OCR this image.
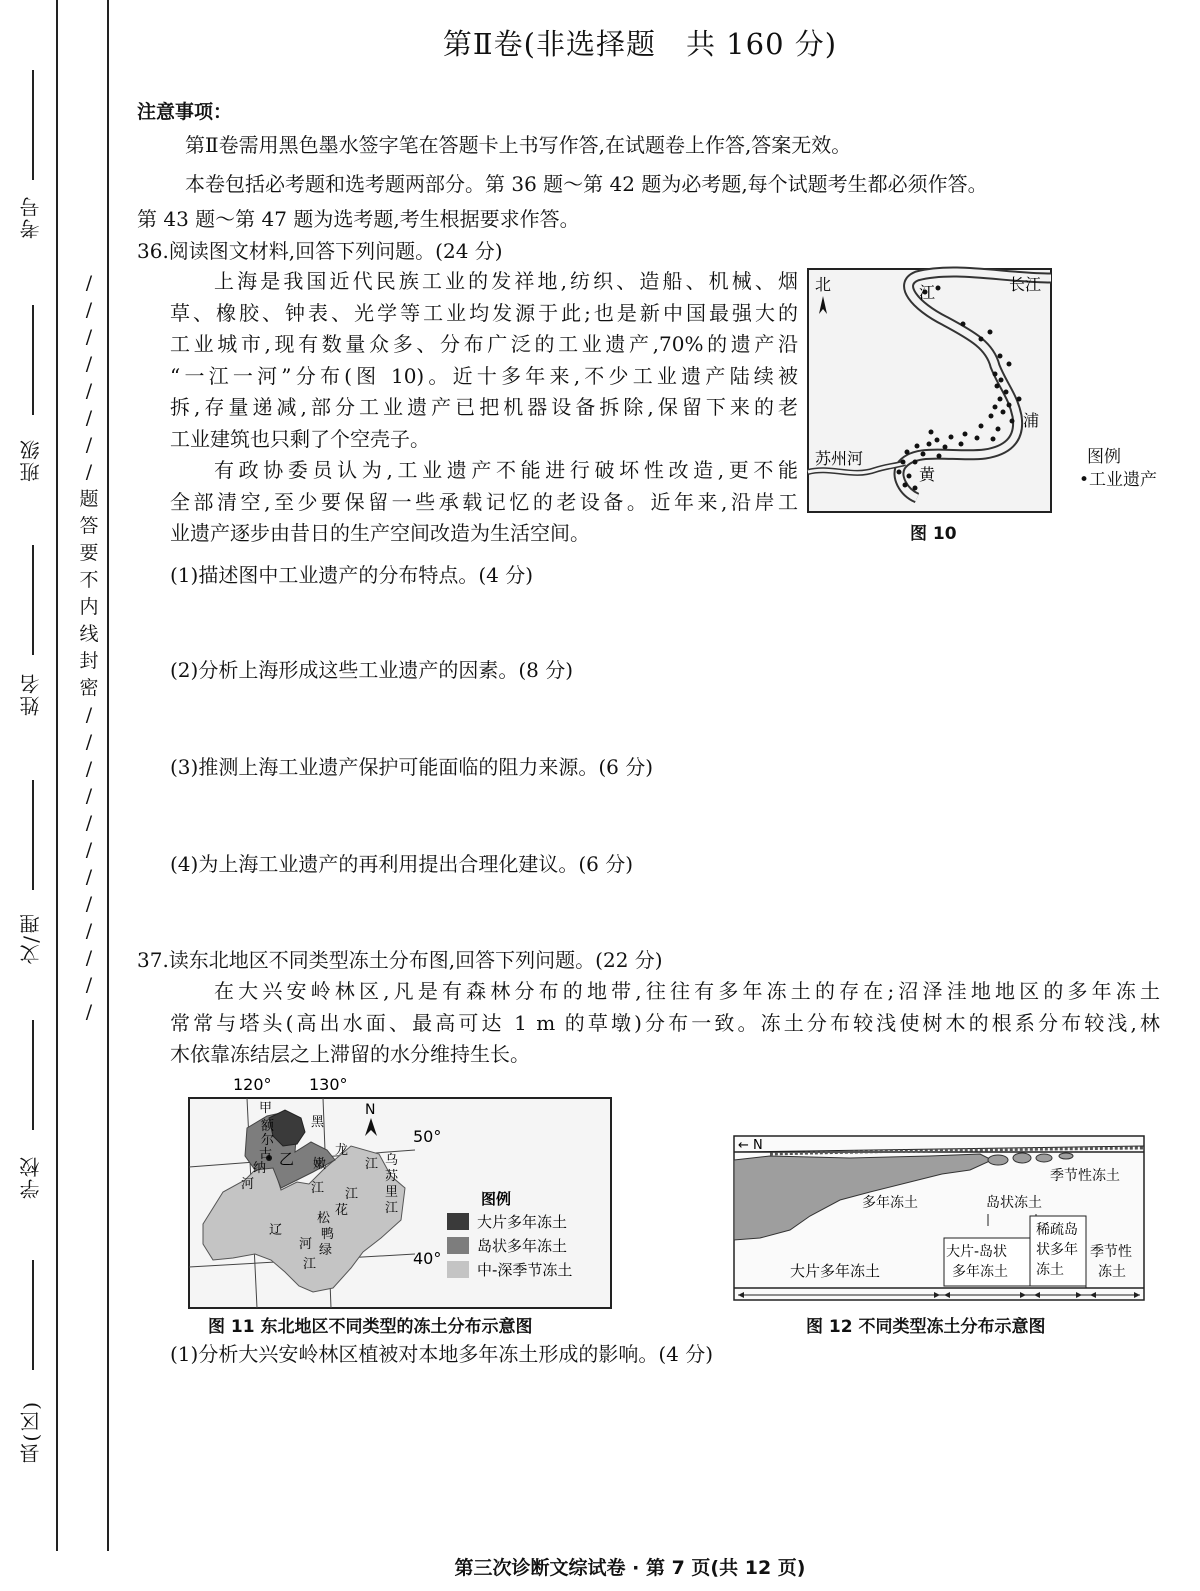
考号
班级
姓名
文/理
学校
县(区)
/
/
/
/
/
/
/
/
题
答
要
不
内
线
封
密
/
/
/
/
/
/
/
/
/
/
/
/
第Ⅱ卷(非选择题　共 160 分)
注意事项：
第Ⅱ卷需用黑色墨水签字笔在答题卡上书写作答,在试题卷上作答,答案无效。
本卷包括必考题和选考题两部分。第 36 题～第 42 题为必考题,每个试题考生都必须作答。
第 43 题～第 47 题为选考题,考生根据要求作答。
36.阅读图文材料,回答下列问题。(24 分)
上海是我国近代民族工业的发祥地,纺织、造船、机械、烟
草、橡胶、钟表、光学等工业均发源于此;也是新中国最强大的
工业城市,现有数量众多、分布广泛的工业遗产,70%的遗产沿
“一江一河”分布(图 10)。近十多年来,不少工业遗产陆续被
拆,存量递减,部分工业遗产已把机器设备拆除,保留下来的老
工业建筑也只剩了个空壳子。
有政协委员认为,工业遗产不能进行破坏性改造,更不能
全部清空,至少要保留一些承载记忆的老设备。近年来,沿岸工
业遗产逐步由昔日的生产空间改造为生活空间。
北	江	长江
浦
苏州河
黄
图 10
图例
•工业遗产
(1)描述图中工业遗产的分布特点。(4 分)
(2)分析上海形成这些工业遗产的因素。(8 分)
(3)推测上海工业遗产保护可能面临的阻力来源。(6 分)
(4)为上海工业遗产的再利用提出合理化建议。(6 分)
37.读东北地区不同类型冻土分布图,回答下列问题。(22 分)
在大兴安岭林区,凡是有森林分布的地带,往往有多年冻土的存在;沼泽洼地地区的多年冻土
常常与塔头(高出水面、最高可达 1 m 的草墩)分布一致。冻土分布较浅使树木的根系分布较浅,林
木依靠冻结层之上滞留的水分维持生长。
120° 130°
50°
40°
N
甲
额
尔
古
纳
河
乙
黑
龙
江
嫩
江
乌
苏
里
江
松
花
江
辽
河
鸭
绿
江
图例
大片多年冻土
岛状多年冻土
中-深季节冻土
图 11 东北地区不同类型的冻土分布示意图
← N
季节性冻土
多年冻土	岛状冻土
稀疏岛
状多年
冻土
大片-岛状
多年冻土
季节性
冻土
大片多年冻土
图 12 不同类型冻土分布示意图
(1)分析大兴安岭林区植被对本地多年冻土形成的影响。(4 分)
第三次诊断文综试卷 · 第 7 页(共 12 页)
